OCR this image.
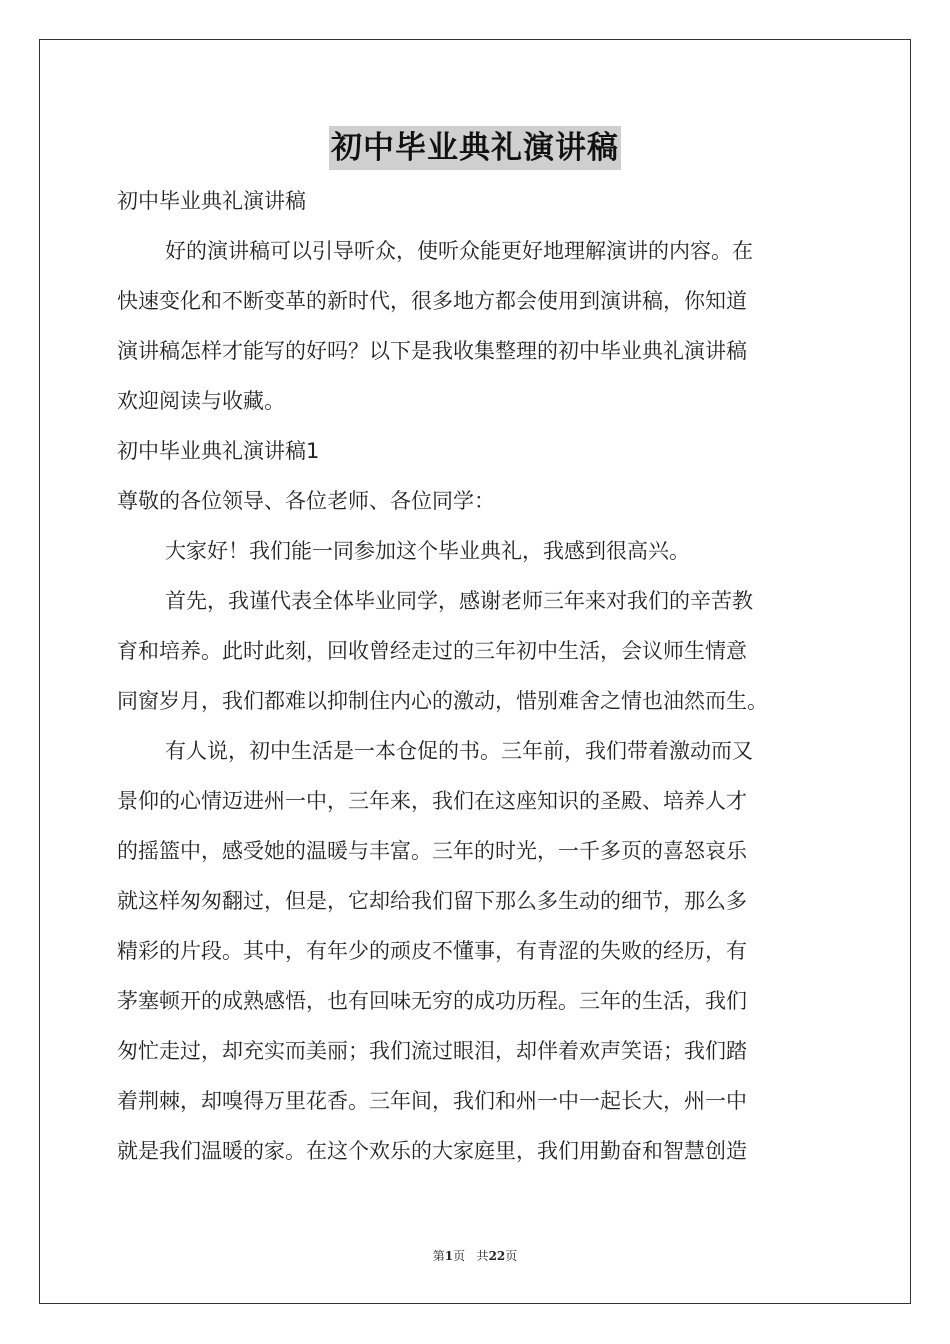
初中毕业典礼演讲稿
初中毕业典礼演讲稿
好的演讲稿可以引导听众，使听众能更好地理解演讲的内容。在
快速变化和不断变革的新时代，很多地方都会使用到演讲稿，你知道
演讲稿怎样才能写的好吗？以下是我收集整理的初中毕业典礼演讲稿
欢迎阅读与收藏。
初中毕业典礼演讲稿1
尊敬的各位领导、各位老师、各位同学：
大家好！我们能一同参加这个毕业典礼，我感到很高兴。
首先，我谨代表全体毕业同学，感谢老师三年来对我们的辛苦教
育和培养。此时此刻，回收曾经走过的三年初中生活，会议师生情意
同窗岁月，我们都难以抑制住内心的激动，惜别难舍之情也油然而生。
有人说，初中生活是一本仓促的书。三年前，我们带着激动而又
景仰的心情迈进州一中，三年来，我们在这座知识的圣殿、培养人才
的摇篮中，感受她的温暖与丰富。三年的时光，一千多页的喜怒哀乐
就这样匆匆翻过，但是，它却给我们留下那么多生动的细节，那么多
精彩的片段。其中，有年少的顽皮不懂事，有青涩的失败的经历，有
茅塞顿开的成熟感悟，也有回味无穷的成功历程。三年的生活，我们
匆忙走过，却充实而美丽；我们流过眼泪，却伴着欢声笑语；我们踏
着荆棘，却嗅得万里花香。三年间，我们和州一中一起长大，州一中
就是我们温暖的家。在这个欢乐的大家庭里，我们用勤奋和智慧创造
第1页 共22页
